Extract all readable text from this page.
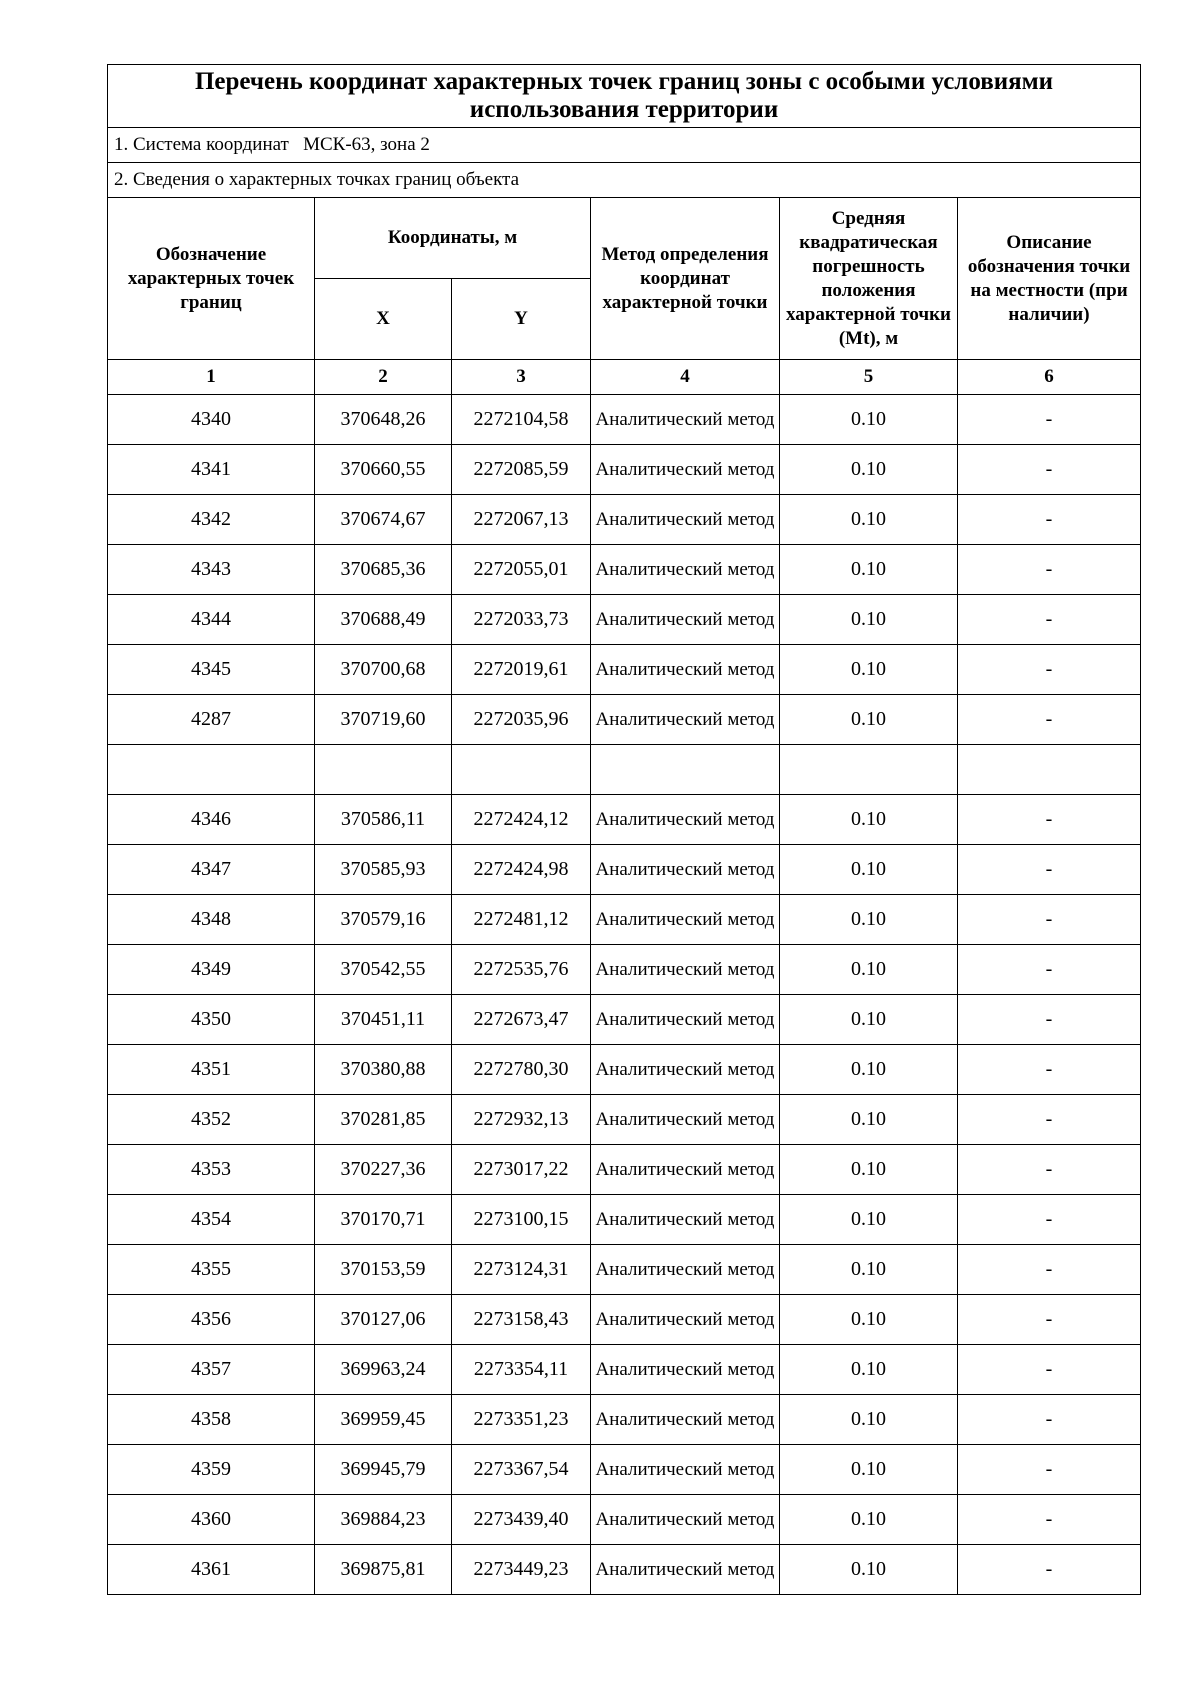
Перечень координат характерных точек границ зоны с особыми условиями использования территории					
1. Система координат   МСК-63, зона 2					
2. Сведения о характерных точках границ объекта					
Обозначение характерных точек границ	Координаты, м		Метод определения координат характерной точки	Средняя квадратическая погрешность положения характерной точки (Mt), м	Описание обозначения точки на местности (при наличии)
	X	Y			
1	2	3	4	5	6
4340	370648,26	2272104,58	Аналитический метод	0.10	-
4341	370660,55	2272085,59	Аналитический метод	0.10	-
4342	370674,67	2272067,13	Аналитический метод	0.10	-
4343	370685,36	2272055,01	Аналитический метод	0.10	-
4344	370688,49	2272033,73	Аналитический метод	0.10	-
4345	370700,68	2272019,61	Аналитический метод	0.10	-
4287	370719,60	2272035,96	Аналитический метод	0.10	-

4346	370586,11	2272424,12	Аналитический метод	0.10	-
4347	370585,93	2272424,98	Аналитический метод	0.10	-
4348	370579,16	2272481,12	Аналитический метод	0.10	-
4349	370542,55	2272535,76	Аналитический метод	0.10	-
4350	370451,11	2272673,47	Аналитический метод	0.10	-
4351	370380,88	2272780,30	Аналитический метод	0.10	-
4352	370281,85	2272932,13	Аналитический метод	0.10	-
4353	370227,36	2273017,22	Аналитический метод	0.10	-
4354	370170,71	2273100,15	Аналитический метод	0.10	-
4355	370153,59	2273124,31	Аналитический метод	0.10	-
4356	370127,06	2273158,43	Аналитический метод	0.10	-
4357	369963,24	2273354,11	Аналитический метод	0.10	-
4358	369959,45	2273351,23	Аналитический метод	0.10	-
4359	369945,79	2273367,54	Аналитический метод	0.10	-
4360	369884,23	2273439,40	Аналитический метод	0.10	-
4361	369875,81	2273449,23	Аналитический метод	0.10	-
